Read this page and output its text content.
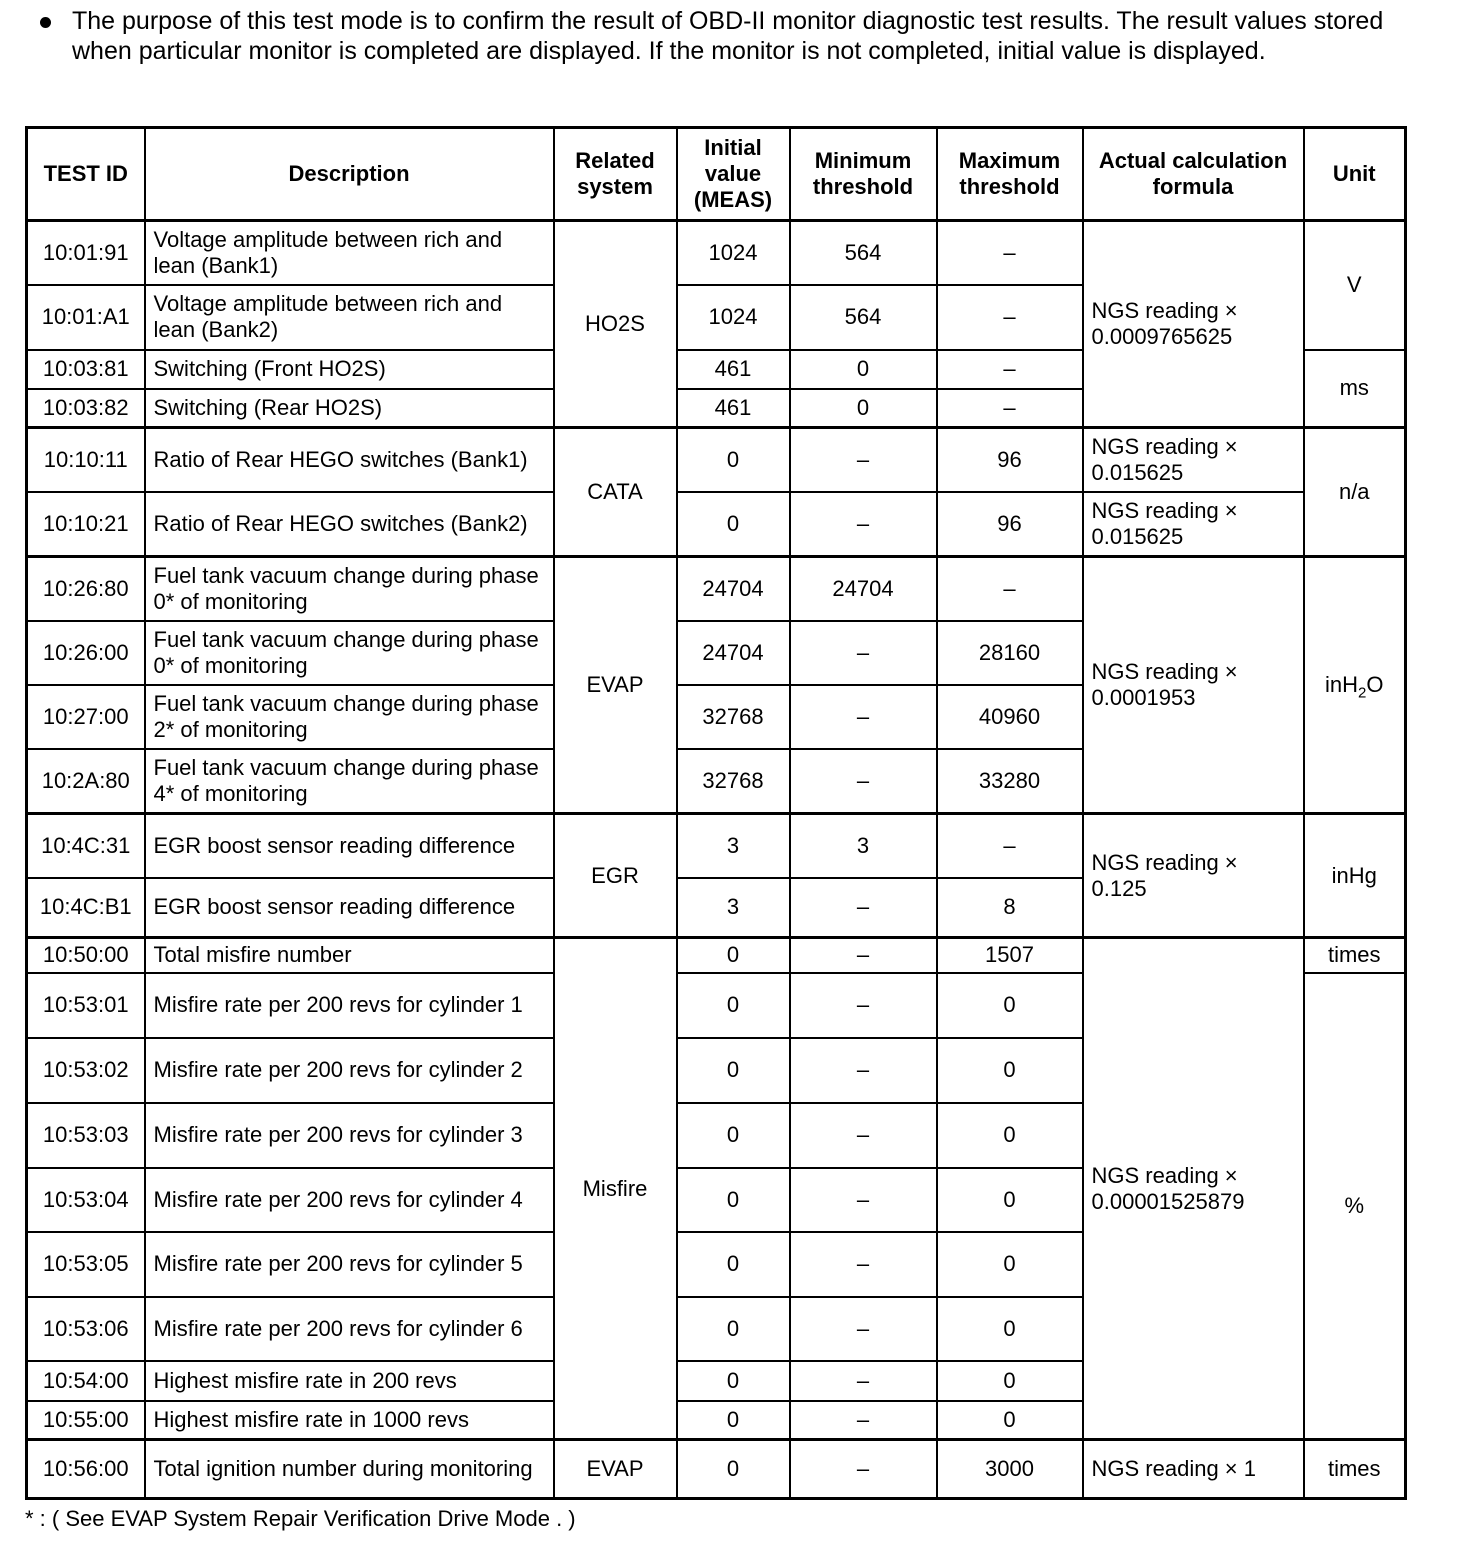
The purpose of this test mode is to confirm the result of OBD-II monitor diagnostic test results. The result values stored when particular monitor is completed are displayed. If the monitor is not completed, initial value is displayed.
TEST ID	Description	Related system	Initial value (MEAS)	Minimum threshold	Maximum threshold	Actual calculation formula	Unit
10:01:91	Voltage amplitude between rich and lean (Bank1)	HO2S	1024	564	–	NGS reading × 0.0009765625	V
10:01:A1	Voltage amplitude between rich and lean (Bank2)		1024	564	–		
10:03:81	Switching (Front HO2S)		461	0	–		ms
10:03:82	Switching (Rear HO2S)		461	0	–		
10:10:11	Ratio of Rear HEGO switches (Bank1)	CATA	0	–	96	NGS reading × 0.015625	n/a
10:10:21	Ratio of Rear HEGO switches (Bank2)		0	–	96	NGS reading × 0.015625	
10:26:80	Fuel tank vacuum change during phase 0* of monitoring	EVAP	24704	24704	–	NGS reading × 0.0001953	inH$_2$O
10:26:00	Fuel tank vacuum change during phase 0* of monitoring		24704	–	28160		
10:27:00	Fuel tank vacuum change during phase 2* of monitoring		32768	–	40960		
10:2A:80	Fuel tank vacuum change during phase 4* of monitoring		32768	–	33280		
10:4C:31	EGR boost sensor reading difference	EGR	3	3	–	NGS reading × 0.125	inHg
10:4C:B1	EGR boost sensor reading difference		3	–	8		
10:50:00	Total misfire number	Misfire	0	–	1507	NGS reading × 0.00001525879	times
10:53:01	Misfire rate per 200 revs for cylinder 1		0	–	0		%
10:53:02	Misfire rate per 200 revs for cylinder 2		0	–	0		
10:53:03	Misfire rate per 200 revs for cylinder 3		0	–	0		
10:53:04	Misfire rate per 200 revs for cylinder 4		0	–	0		
10:53:05	Misfire rate per 200 revs for cylinder 5		0	–	0		
10:53:06	Misfire rate per 200 revs for cylinder 6		0	–	0		
10:54:00	Highest misfire rate in 200 revs		0	–	0		
10:55:00	Highest misfire rate in 1000 revs		0	–	0		
10:56:00	Total ignition number during monitoring	EVAP	0	–	3000	NGS reading × 1	times
* : ( See EVAP System Repair Verification Drive Mode . )
